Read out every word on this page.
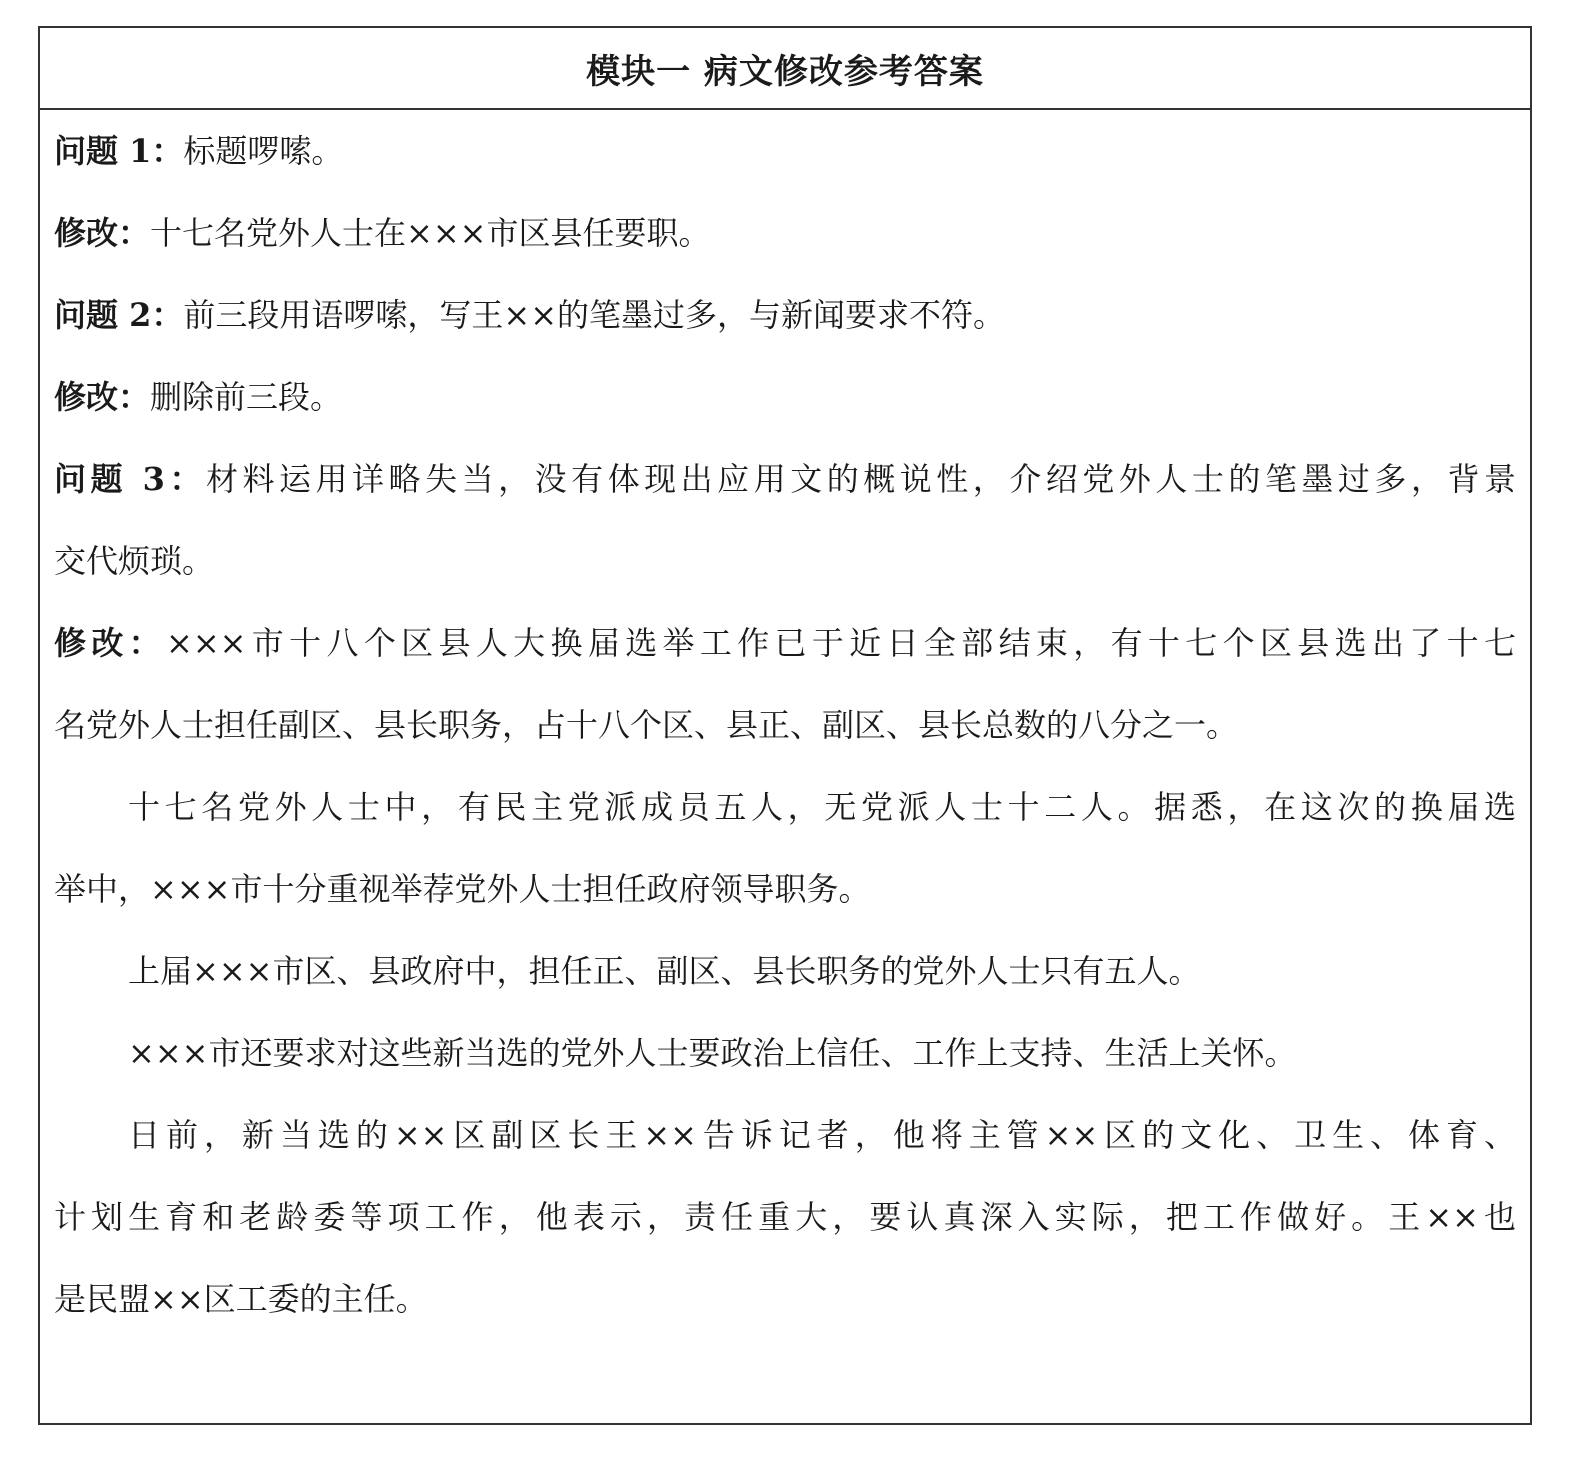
模块一 病文修改参考答案
问题 1：标题啰嗦。
修改：十七名党外人士在×××市区县任要职。
问题 2：前三段用语啰嗦，写王××的笔墨过多，与新闻要求不符。
修改：删除前三段。
问题 3：材料运用详略失当，没有体现出应用文的概说性，介绍党外人士的笔墨过多，背景
交代烦琐。
修改：×××市十八个区县人大换届选举工作已于近日全部结束，有十七个区县选出了十七
名党外人士担任副区、县长职务，占十八个区、县正、副区、县长总数的八分之一。
十七名党外人士中，有民主党派成员五人，无党派人士十二人。据悉，在这次的换届选
举中，×××市十分重视举荐党外人士担任政府领导职务。
上届×××市区、县政府中，担任正、副区、县长职务的党外人士只有五人。
×××市还要求对这些新当选的党外人士要政治上信任、工作上支持、生活上关怀。
日前，新当选的××区副区长王××告诉记者，他将主管××区的文化、卫生、体育、
计划生育和老龄委等项工作，他表示，责任重大，要认真深入实际，把工作做好。王××也
是民盟××区工委的主任。
